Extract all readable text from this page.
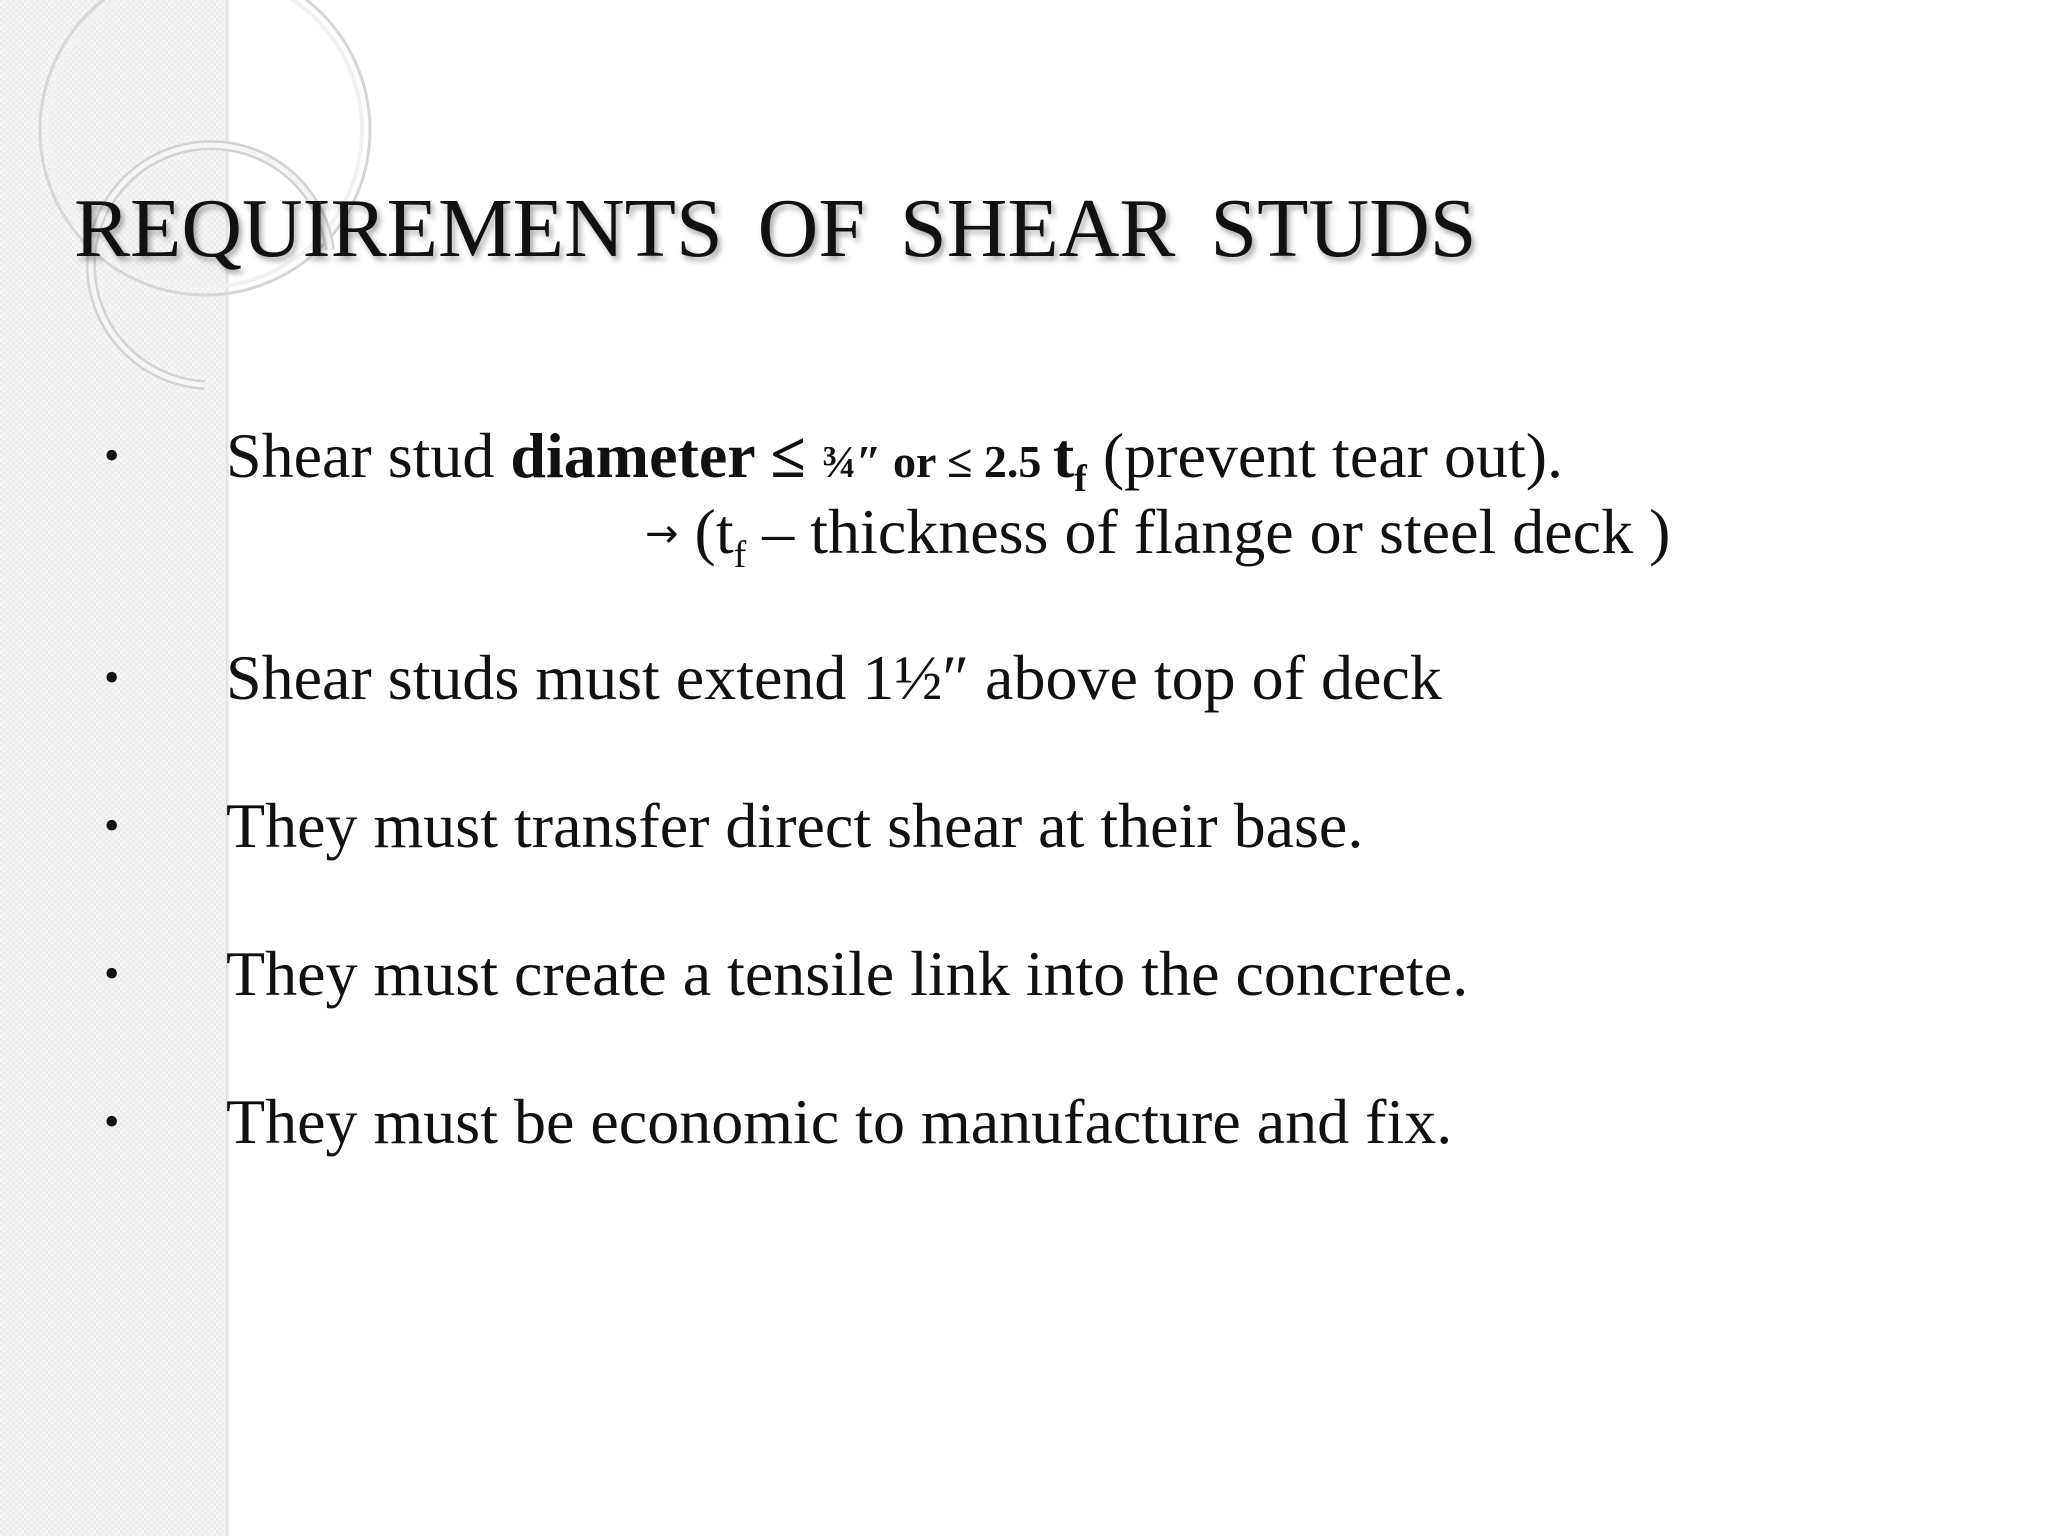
REQUIREMENTS OF SHEAR STUDS
• Shear stud diameter ≤ ¾″ or ≤ 2.5 $t_f$ (prevent tear out).
→ ($t_f$ – thickness of flange or steel deck )
• Shear studs must extend 1½″ above top of deck
• They must transfer direct shear at their base.
• They must create a tensile link into the concrete.
• They must be economic to manufacture and fix.
